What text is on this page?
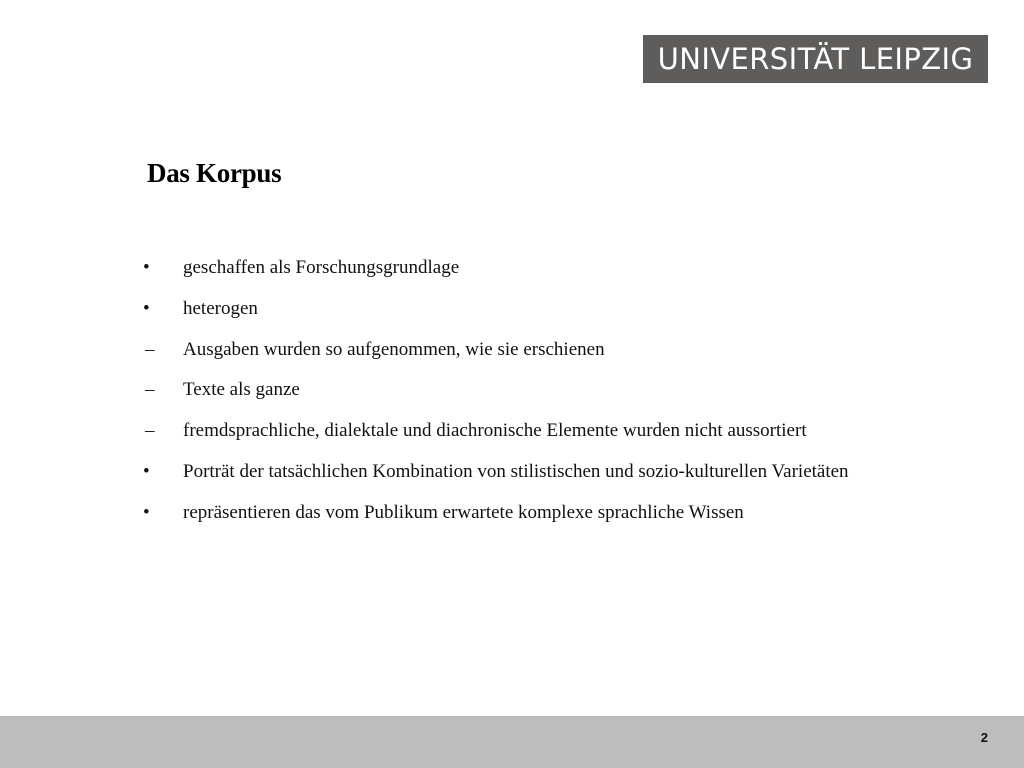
UNIVERSITÄT LEIPZIG
Das Korpus
•	geschaffen als Forschungsgrundlage
•	heterogen
–	Ausgaben wurden so aufgenommen, wie sie erschienen
–	Texte als ganze
–	fremdsprachliche, dialektale und diachronische Elemente wurden nicht aussortiert
•	Porträt der tatsächlichen Kombination von stilistischen und sozio-kulturellen Varietäten
•	repräsentieren das vom Publikum erwartete komplexe sprachliche Wissen
2
